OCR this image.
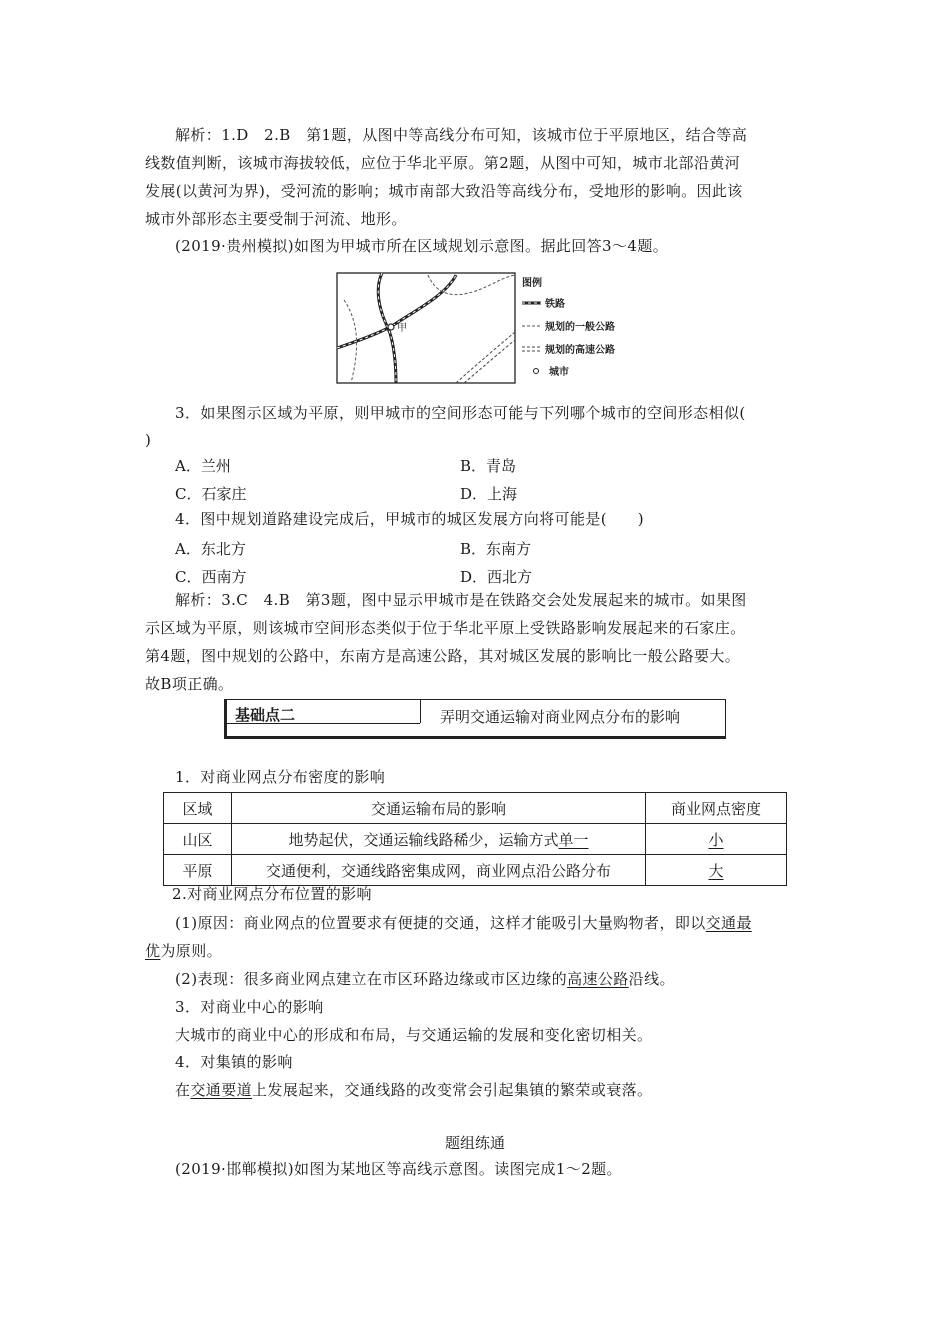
解析：1.D　2.B　第1题，从图中等高线分布可知，该城市位于平原地区，结合等高

线数值判断，该城市海拔较低，应位于华北平原。第2题，从图中可知，城市北部沿黄河

发展(以黄河为界)，受河流的影响；城市南部大致沿等高线分布，受地形的影响。因此该

城市外部形态主要受制于河流、地形。

(2019·贵州模拟)如图为甲城市所在区域规划示意图。据此回答3～4题。

甲
图例
铁路
规划的一般公路
规划的高速公路
城市

3．如果图示区域为平原，则甲城市的空间形态可能与下列哪个城市的空间形态相似(

)

A．兰州	B．青岛
C．石家庄	D．上海

4．图中规划道路建设完成后，甲城市的城区发展方向将可能是(　　)

A．东北方	B．东南方
C．西南方	D．西北方

解析：3.C　4.B　第3题，图中显示甲城市是在铁路交会处发展起来的城市。如果图

示区域为平原，则该城市空间形态类似于位于华北平原上受铁路影响发展起来的石家庄。

第4题，图中规划的公路中，东南方是高速公路，其对城区发展的影响比一般公路要大。

故B项正确。

基础点二	弄明交通运输对商业网点分布的影响

1．对商业网点分布密度的影响

区域	交通运输布局的影响	商业网点密度
山区	地势起伏，交通运输线路稀少，运输方式单一	小
平原	交通便利，交通线路密集成网，商业网点沿公路分布	大

2.对商业网点分布位置的影响

(1)原因：商业网点的位置要求有便捷的交通，这样才能吸引大量购物者，即以交通最

优为原则。

(2)表现：很多商业网点建立在市区环路边缘或市区边缘的高速公路沿线。

3．对商业中心的影响

大城市的商业中心的形成和布局，与交通运输的发展和变化密切相关。

4．对集镇的影响

在交通要道上发展起来，交通线路的改变常会引起集镇的繁荣或衰落。

题组练通

(2019·邯郸模拟)如图为某地区等高线示意图。读图完成1～2题。
